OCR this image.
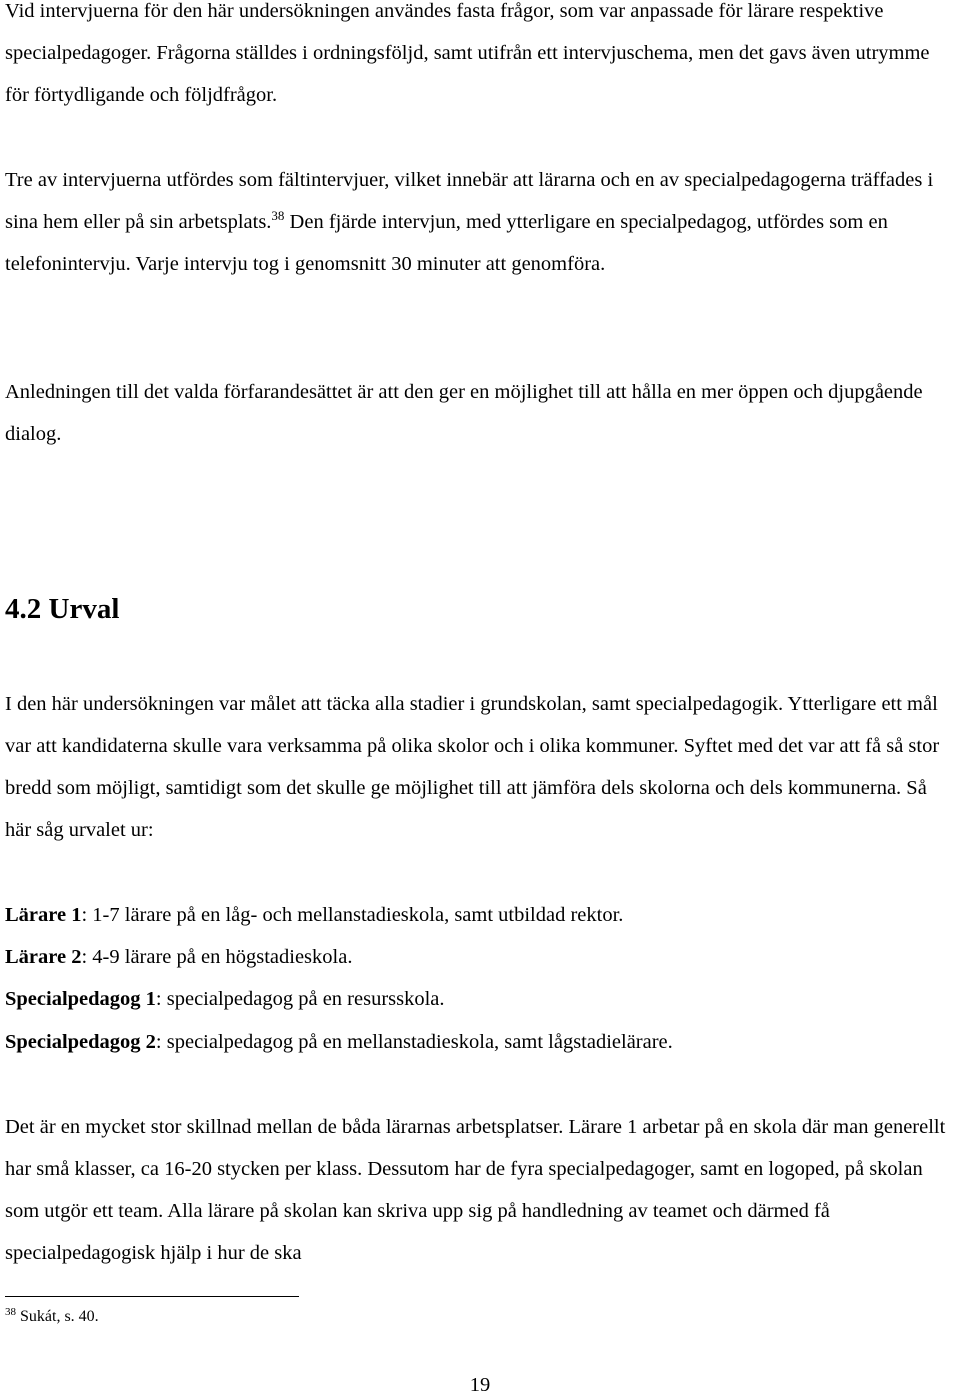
Vid intervjuerna för den här undersökningen användes fasta frågor, som var anpassade för lärare respektive specialpedagoger. Frågorna ställdes i ordningsföljd, samt utifrån ett intervjuschema, men det gavs även utrymme för förtydligande och följdfrågor.

Tre av intervjuerna utfördes som fältintervjuer, vilket innebär att lärarna och en av specialpedagogerna träffades i sina hem eller på sin arbetsplats.$^{38}$ Den fjärde intervjun, med ytterligare en specialpedagog, utfördes som en telefonintervju. Varje intervju tog i genomsnitt 30 minuter att genomföra.

Anledningen till det valda förfarandesättet är att den ger en möjlighet till att hålla en mer öppen och djupgående dialog.

4.2 Urval

I den här undersökningen var målet att täcka alla stadier i grundskolan, samt specialpedagogik. Ytterligare ett mål var att kandidaterna skulle vara verksamma på olika skolor och i olika kommuner. Syftet med det var att få så stor bredd som möjligt, samtidigt som det skulle ge möjlighet till att jämföra dels skolorna och dels kommunerna. Så här såg urvalet ur:

Lärare 1: 1-7 lärare på en låg- och mellanstadieskola, samt utbildad rektor.

Lärare 2: 4-9 lärare på en högstadieskola.

Specialpedagog 1: specialpedagog på en resursskola.

Specialpedagog 2: specialpedagog på en mellanstadieskola, samt lågstadielärare.

Det är en mycket stor skillnad mellan de båda lärarnas arbetsplatser. Lärare 1 arbetar på en skola där man generellt har små klasser, ca 16-20 stycken per klass. Dessutom har de fyra specialpedagoger, samt en logoped, på skolan som utgör ett team. Alla lärare på skolan kan skriva upp sig på handledning av teamet och därmed få specialpedagogisk hjälp i hur de ska

$^{38}$ Sukát, s. 40.

19
